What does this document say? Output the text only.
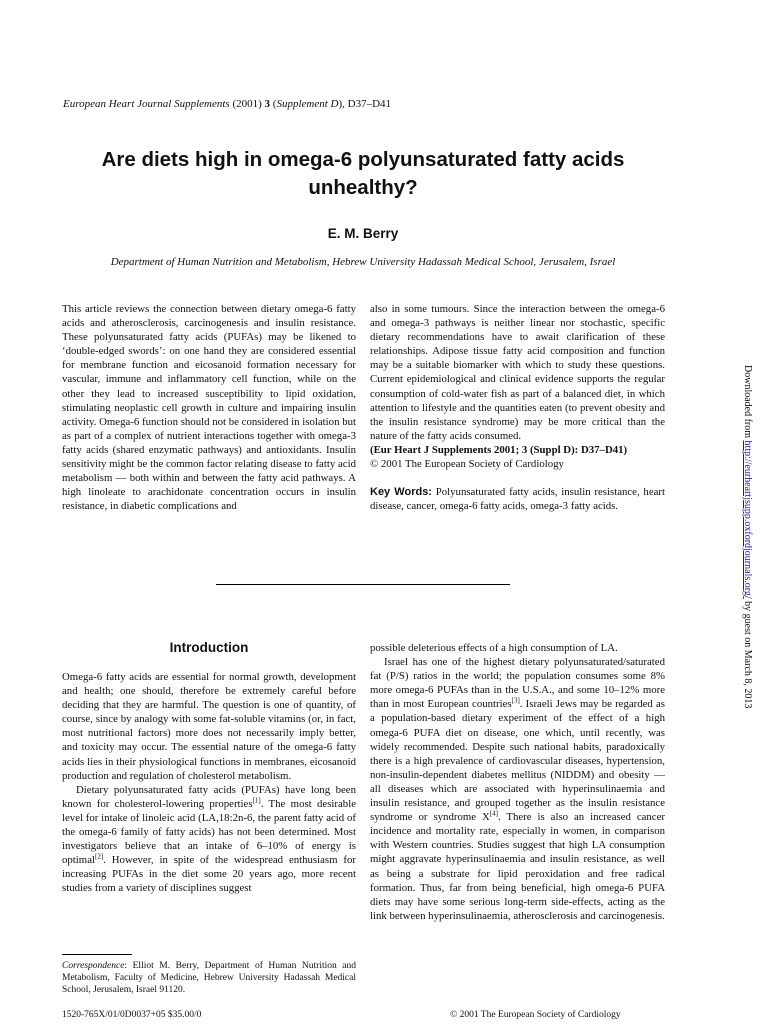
European Heart Journal Supplements (2001) 3 (Supplement D), D37–D41
Are diets high in omega-6 polyunsaturated fatty acids unhealthy?
E. M. Berry
Department of Human Nutrition and Metabolism, Hebrew University Hadassah Medical School, Jerusalem, Israel

This article reviews the connection between dietary omega-6 fatty acids and atherosclerosis, carcinogenesis and insulin resistance. These polyunsaturated fatty acids (PUFAs) may be likened to ‘double-edged swords’: on one hand they are considered essential for membrane function and eicosanoid formation necessary for vascular, immune and inflammatory cell function, while on the other they lead to increased susceptibility to lipid oxidation, stimulating neoplastic cell growth in culture and impairing insulin activity. Omega-6 function should not be considered in isolation but as part of a complex of nutrient interactions together with omega-3 fatty acids (shared enzymatic pathways) and antioxidants. Insulin sensitivity might be the common factor relating disease to fatty acid metabolism — both within and between the fatty acid pathways. A high linoleate to arachidonate concentration occurs in insulin resistance, in diabetic complications and

also in some tumours. Since the interaction between the omega-6 and omega-3 pathways is neither linear nor stochastic, specific dietary recommendations have to await clarification of these relationships. Adipose tissue fatty acid composition and function may be a suitable biomarker with which to study these questions. Current epidemiological and clinical evidence supports the regular consumption of cold-water fish as part of a balanced diet, in which attention to lifestyle and the quantities eaten (to prevent obesity and the insulin resistance syndrome) may be more critical than the nature of the fatty acids consumed.

(Eur Heart J Supplements 2001; 3 (Suppl D): D37–D41)

© 2001 The European Society of Cardiology

Key Words: Polyunsaturated fatty acids, insulin resistance, heart disease, cancer, omega-6 fatty acids, omega-3 fatty acids.

Introduction

Omega-6 fatty acids are essential for normal growth, development and health; one should, therefore be extremely careful before deciding that they are harmful. The question is one of quantity, of course, since by analogy with some fat-soluble vitamins (or, in fact, most nutritional factors) more does not necessarily imply better, and toxicity may occur. The essential nature of the omega-6 fatty acids lies in their physiological functions in membranes, eicosanoid production and regulation of cholesterol metabolism.

Dietary polyunsaturated fatty acids (PUFAs) have long been known for cholesterol-lowering properties[1]. The most desirable level for intake of linoleic acid (LA,18:2n-6, the parent fatty acid of the omega-6 family of fatty acids) has not been determined. Most investigators believe that an intake of 6–10% of energy is optimal[2]. However, in spite of the widespread enthusiasm for increasing PUFAs in the diet some 20 years ago, more recent studies from a variety of disciplines suggest

possible deleterious effects of a high consumption of LA.

Israel has one of the highest dietary polyunsaturated/saturated fat (P/S) ratios in the world; the population consumes some 8% more omega-6 PUFAs than in the U.S.A., and some 10–12% more than in most European countries[3]. Israeli Jews may be regarded as a population-based dietary experiment of the effect of a high omega-6 PUFA diet on disease, one which, until recently, was widely recommended. Despite such national habits, paradoxically there is a high prevalence of cardiovascular diseases, hypertension, non-insulin-dependent diabetes mellitus (NIDDM) and obesity — all diseases which are associated with hyperinsulinaemia and insulin resistance, and grouped together as the insulin resistance syndrome or syndrome X[4]. There is also an increased cancer incidence and mortality rate, especially in women, in comparison with Western countries. Studies suggest that high LA consumption might aggravate hyperinsulinaemia and insulin resistance, as well as being a substrate for lipid peroxidation and free radical formation. Thus, far from being beneficial, high omega-6 PUFA diets may have some serious long-term side-effects, acting as the link between hyperinsulinaemia, atherosclerosis and carcinogenesis.

Correspondence: Elliot M. Berry, Department of Human Nutrition and Metabolism, Faculty of Medicine, Hebrew University Hadassah Medical School, Jerusalem, Israel 91120.
1520-765X/01/0D0037+05 $35.00/0	© 2001 The European Society of Cardiology
Downloaded from http://eurheartjsupp.oxfordjournals.org/ by guest on March 8, 2013
